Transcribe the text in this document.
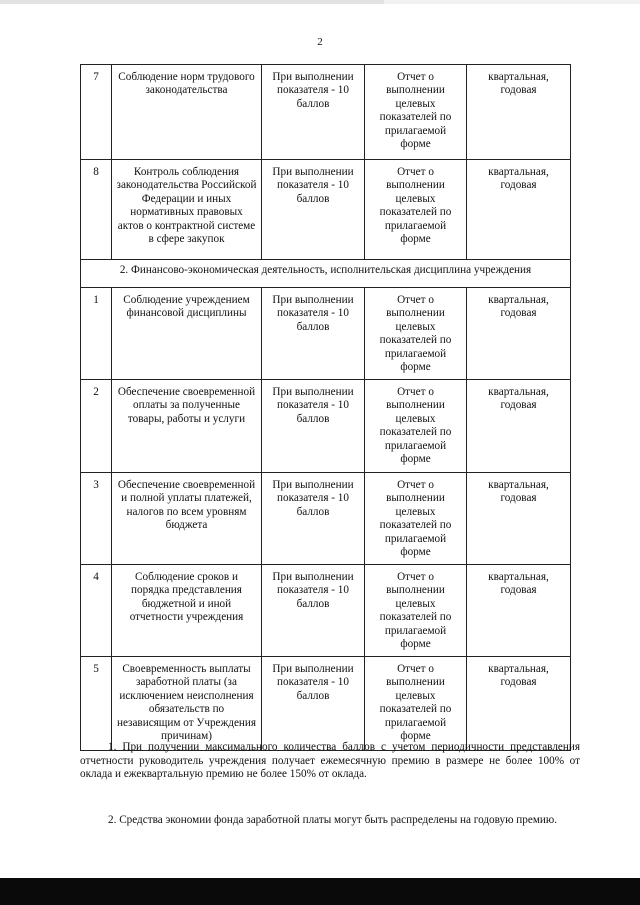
2
7	Соблюдение норм трудового законодательства	При выполнении показателя - 10 баллов	Отчет о выполнении целевых показателей по прилагаемой форме	квартальная, годовая
8	Контроль соблюдения законодательства Российской Федерации и иных нормативных правовых актов о контрактной системе в сфере закупок	При выполнении показателя - 10 баллов	Отчет о выполнении целевых показателей по прилагаемой форме	квартальная, годовая
2. Финансово-экономическая деятельность, исполнительская дисциплина учреждения				
1	Соблюдение учреждением финансовой дисциплины	При выполнении показателя - 10 баллов	Отчет о выполнении целевых показателей по прилагаемой форме	квартальная, годовая
2	Обеспечение своевременной оплаты за полученные товары, работы и услуги	При выполнении показателя - 10 баллов	Отчет о выполнении целевых показателей по прилагаемой форме	квартальная, годовая
3	Обеспечение своевременной и полной уплаты платежей, налогов по всем уровням бюджета	При выполнении показателя - 10 баллов	Отчет о выполнении целевых показателей по прилагаемой форме	квартальная, годовая
4	Соблюдение сроков и порядка представления бюджетной и иной отчетности учреждения	При выполнении показателя - 10 баллов	Отчет о выполнении целевых показателей по прилагаемой форме	квартальная, годовая
5	Своевременность выплаты заработной платы (за исключением неисполнения обязательств по независящим от Учреждения причинам)	При выполнении показателя - 10 баллов	Отчет о выполнении целевых показателей по прилагаемой форме	квартальная, годовая

1. При получении максимального количества баллов с учетом периодичности представления отчетности руководитель учреждения получает ежемесячную премию в размере не более 100% от оклада и ежеквартальную премию не более 150% от оклада.

2. Средства экономии фонда заработной платы могут быть распределены на годовую премию.
